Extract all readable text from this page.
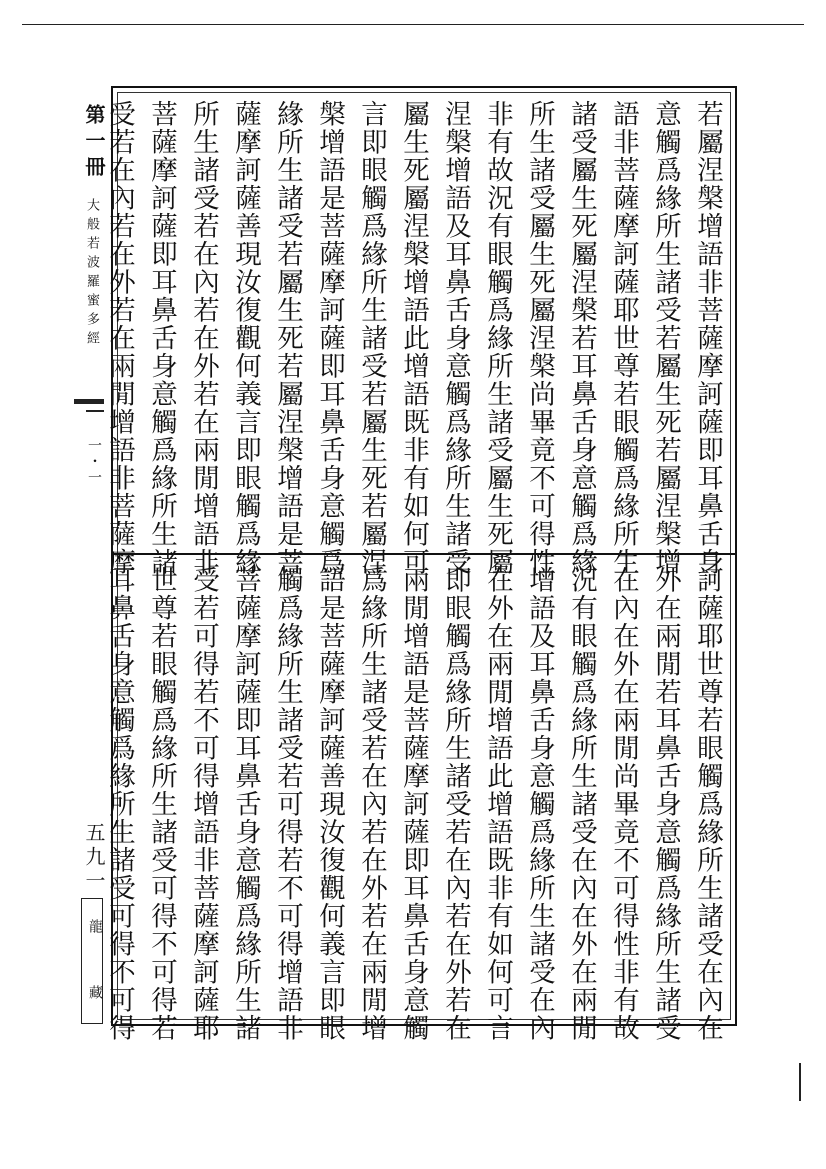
第一冊
大般若波羅蜜多經
一・一
五九一
龍藏
若屬涅槃增語非菩薩摩訶薩即耳鼻舌身
意觸爲緣所生諸受若屬生死若屬涅槃增
語非菩薩摩訶薩耶世尊若眼觸爲緣所生
諸受屬生死屬涅槃若耳鼻舌身意觸爲緣
所生諸受屬生死屬涅槃尚畢竟不可得性
非有故況有眼觸爲緣所生諸受屬生死屬
涅槃增語及耳鼻舌身意觸爲緣所生諸受
屬生死屬涅槃增語此增語既非有如何可
言即眼觸爲緣所生諸受若屬生死若屬涅
槃增語是菩薩摩訶薩即耳鼻舌身意觸爲
緣所生諸受若屬生死若屬涅槃增語是菩
薩摩訶薩善現汝復觀何義言即眼觸爲緣
所生諸受若在內若在外若在兩閒增語非
菩薩摩訶薩即耳鼻舌身意觸爲緣所生諸
受若在內若在外若在兩閒增語非菩薩摩
訶薩耶世尊若眼觸爲緣所生諸受在內在
外在兩閒若耳鼻舌身意觸爲緣所生諸受
在內在外在兩閒尚畢竟不可得性非有故
況有眼觸爲緣所生諸受在內在外在兩閒
增語及耳鼻舌身意觸爲緣所生諸受在內
在外在兩閒增語此增語既非有如何可言
即眼觸爲緣所生諸受若在內若在外若在
兩閒增語是菩薩摩訶薩即耳鼻舌身意觸
爲緣所生諸受若在內若在外若在兩閒增
語是菩薩摩訶薩善現汝復觀何義言即眼
觸爲緣所生諸受若可得若不可得增語非
菩薩摩訶薩即耳鼻舌身意觸爲緣所生諸
受若可得若不可得增語非菩薩摩訶薩耶
世尊若眼觸爲緣所生諸受可得不可得若
耳鼻舌身意觸爲緣所生諸受可得不可得
